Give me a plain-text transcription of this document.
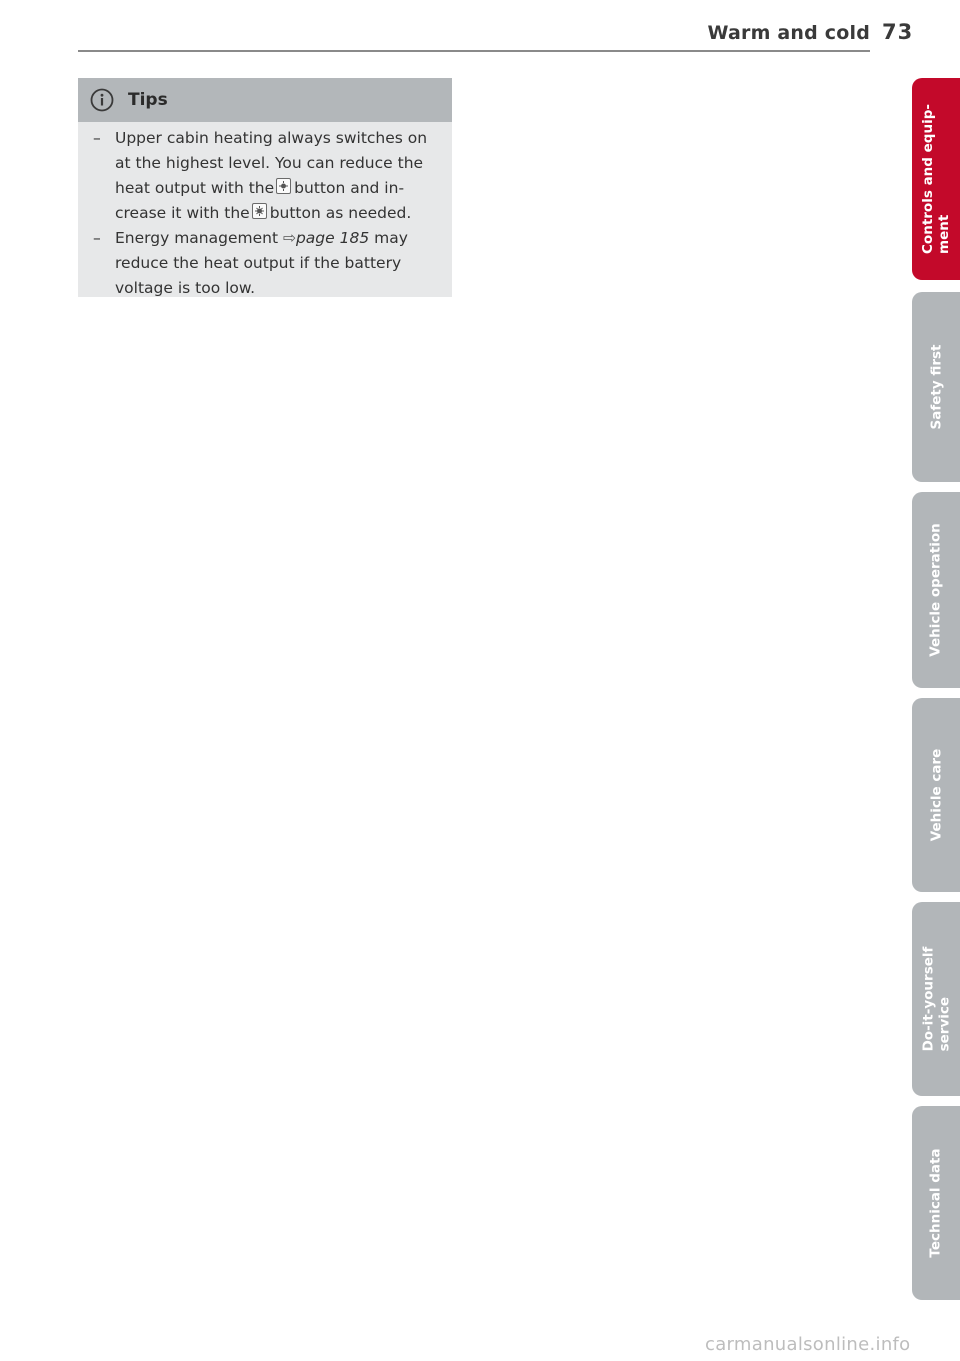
Warm and cold 73
Tips
– Upper cabin heating always switches on
at the highest level. You can reduce the
heat output with the button and in-
crease it with the button as needed.
– Energy management ⇨page 185 may
reduce the heat output if the battery
voltage is too low.
Controls and equip- ment
Safety first
Vehicle operation
Vehicle care
Do-it-yourself service
Technical data
carmanualsonline.info
